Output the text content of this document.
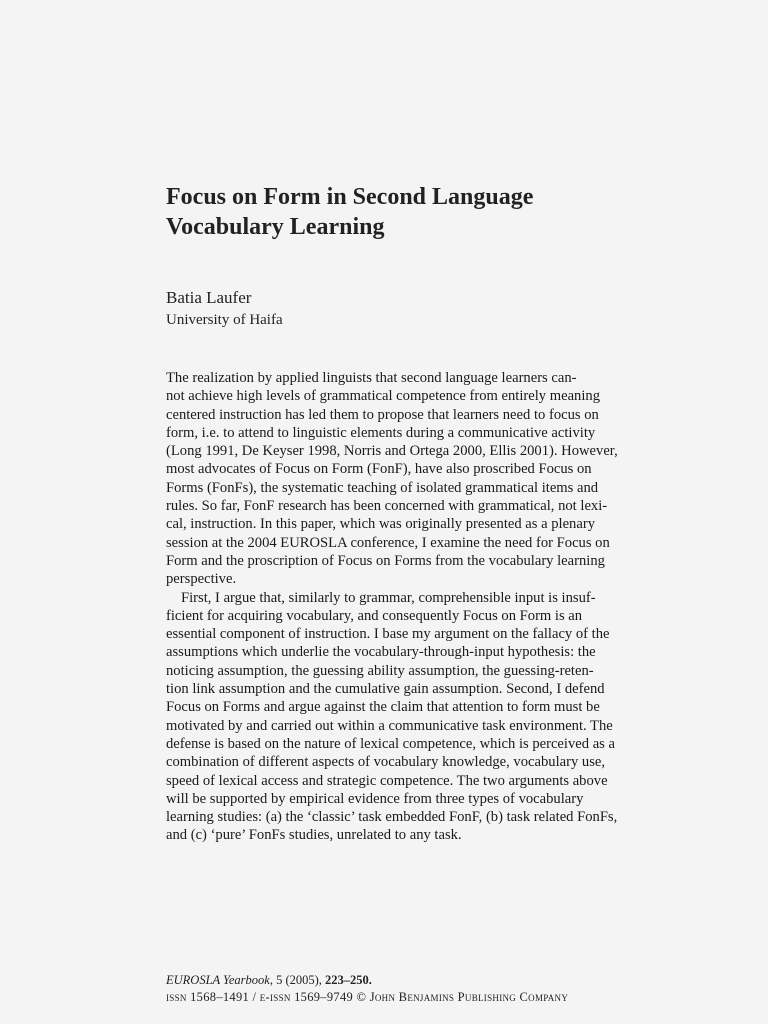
Focus on Form in Second Language
Vocabulary Learning
Batia Laufer
University of Haifa
The realization by applied linguists that second language learners can-
not achieve high levels of grammatical competence from entirely meaning
centered instruction has led them to propose that learners need to focus on
form, i.e. to attend to linguistic elements during a communicative activity
(Long 1991, De Keyser 1998, Norris and Ortega 2000, Ellis 2001). However,
most advocates of Focus on Form (FonF), have also proscribed Focus on
Forms (FonFs), the systematic teaching of isolated grammatical items and
rules. So far, FonF research has been concerned with grammatical, not lexi-
cal, instruction. In this paper, which was originally presented as a plenary
session at the 2004 EUROSLA conference, I examine the need for Focus on
Form and the proscription of Focus on Forms from the vocabulary learning
perspective.
First, I argue that, similarly to grammar, comprehensible input is insuf-
ficient for acquiring vocabulary, and consequently Focus on Form is an
essential component of instruction. I base my argument on the fallacy of the
assumptions which underlie the vocabulary-through-input hypothesis: the
noticing assumption, the guessing ability assumption, the guessing-reten-
tion link assumption and the cumulative gain assumption. Second, I defend
Focus on Forms and argue against the claim that attention to form must be
motivated by and carried out within a communicative task environment. The
defense is based on the nature of lexical competence, which is perceived as a
combination of different aspects of vocabulary knowledge, vocabulary use,
speed of lexical access and strategic competence. The two arguments above
will be supported by empirical evidence from three types of vocabulary
learning studies: (a) the ‘classic’ task embedded FonF, (b) task related FonFs,
and (c) ‘pure’ FonFs studies, unrelated to any task.
EUROSLA Yearbook, 5 (2005), 223–250.
issn 1568–1491 / e-issn 1569–9749 © John Benjamins Publishing Company
